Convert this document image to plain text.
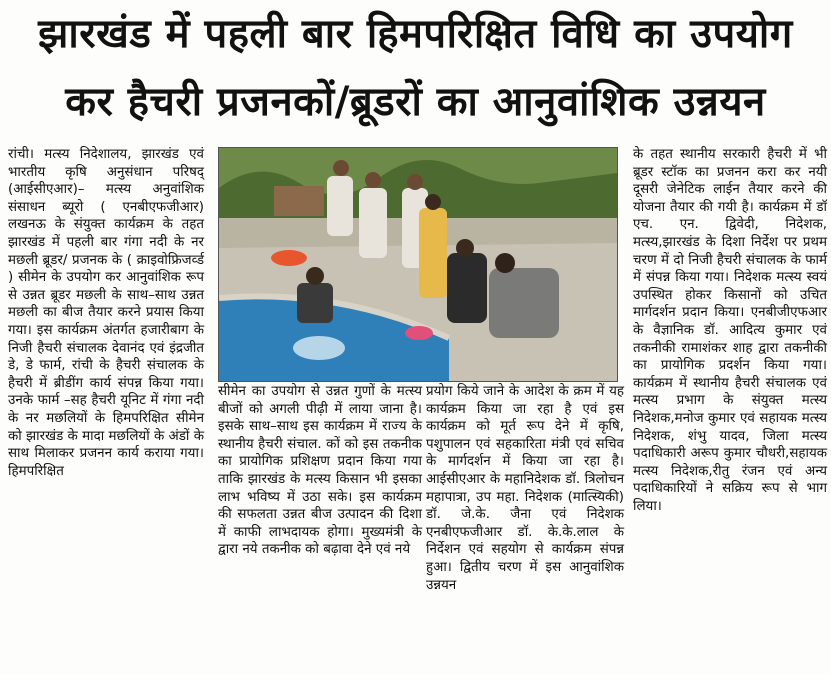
झारखंड में पहली बार हिमपरिक्षित विधि का उपयोग
कर हैचरी प्रजनकों/ब्रूडरों का आनुवांशिक उन्नयन

रांची। मत्स्य निदेशालय, झारखंड एवं भारतीय कृषि अनुसंधान परिषद् (आईसीएआर)– मत्स्य अनुवांशिक संसाधन ब्यूरो ( एनबीएफजीआर) लखनऊ के संयुक्त कार्यक्रम के तहत झारखंड में पहली बार गंगा नदी के नर मछली ब्रूडर/ प्रजनक के ( क्राइवोफ्रिजर्व्ड ) सीमेन के उपयोग कर आनुवांशिक रूप से उन्नत ब्रूडर मछली के साथ–साथ उन्नत मछली का बीज तैयार करने प्रयास किया गया। इस कार्यक्रम अंतर्गत हजारीबाग के निजी हैचरी संचालक देवानंद एवं इंद्रजीत डे, डे फार्म, रांची के हैचरी संचालक के हैचरी में ब्रीडींग कार्य संपन्न किया गया। उनके फार्म –सह हैचरी यूनिट में गंगा नदी के नर मछलियों के हिमपरिक्षित सीमेन को झारखंड के मादा मछलियों के अंडों के साथ मिलाकर प्रजनन कार्य कराया गया। हिमपरिक्षित

सीमेन का उपयोग से उन्नत गुणों के मत्स्य बीजों को अगली पीढ़ी में लाया जाना है। इसके साथ–साथ इस कार्यक्रम में राज्य के स्थानीय हैचरी संचाल. कों को इस तकनीक का प्रायोगिक प्रशिक्षण प्रदान किया गया ताकि झारखंड के मत्स्य किसान भी इसका लाभ भविष्य में उठा सके। इस कार्यक्रम की सफलता उन्नत बीज उत्पादन की दिशा में काफी लाभदायक होगा। मुख्यमंत्री के द्वारा नये तकनीक को बढ़ावा देने एवं नये

प्रयोग किये जाने के आदेश के क्रम में यह कार्यक्रम किया जा रहा है एवं इस कार्यक्रम को मूर्त रूप देने में कृषि, पशुपालन एवं सहकारिता मंत्री एवं सचिव के मार्गदर्शन में किया जा रहा है। आईसीएआर के महानिदेशक डॉ. त्रिलोचन महापात्रा, उप महा. निदेशक (मात्स्यिकी) डॉ. जे.के. जैना एवं निदेशक एनबीएफजीआर डॉ. के.के.लाल के निर्देशन एवं सहयोग से कार्यक्रम संपन्न हुआ। द्वितीय चरण में इस आनुवांशिक उन्नयन

के तहत स्थानीय सरकारी हैचरी में भी ब्रूडर स्टॉक का प्रजनन करा कर नयी दूसरी जेनेटिक लाईन तैयार करने की योजना तैयार की गयी है। कार्यक्रम में डॉ एच. एन. द्विवेदी, निदेशक, मत्स्य,झारखंड के दिशा निर्देश पर प्रथम चरण में दो निजी हैचरी संचालक के फार्म में संपन्न किया गया। निदेशक मत्स्य स्वयं उपस्थित होकर किसानों को उचित मार्गदर्शन प्रदान किया। एनबीजीएफआर के वैज्ञानिक डॉ. आदित्य कुमार एवं तकनीकी रामाशंकर शाह द्वारा तकनीकी का प्रायोगिक प्रदर्शन किया गया। कार्यक्रम में स्थानीय हैचरी संचालक एवं मत्स्य प्रभाग के संयुक्त मत्स्य निदेशक,मनोज कुमार एवं सहायक मत्स्य निदेशक, शंभु यादव, जिला मत्स्य पदाधिकारी अरूप कुमार चौधरी,सहायक मत्स्य निदेशक,रीतु रंजन एवं अन्य पदाधिकारियों ने सक्रिय रूप से भाग लिया।
